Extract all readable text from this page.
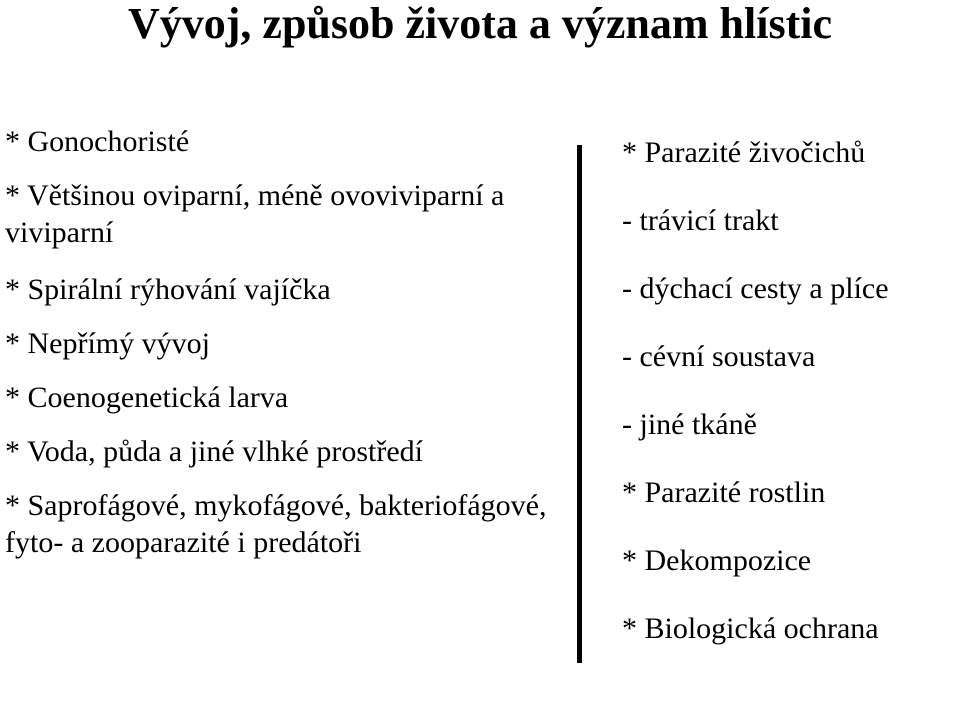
Vývoj, způsob života a význam hlístic
* Gonochoristé
* Většinou oviparní, méně ovoviviparní a viviparní
* Spirální rýhování vajíčka
* Nepřímý vývoj
* Coenogenetická larva
* Voda, půda a jiné vlhké prostředí
* Saprofágové, mykofágové, bakteriofágové, fyto- a zooparazité i predátoři
* Parazité živočichů
- trávicí trakt
- dýchací cesty a plíce
- cévní soustava
- jiné tkáně
* Parazité rostlin
* Dekompozice
* Biologická ochrana
